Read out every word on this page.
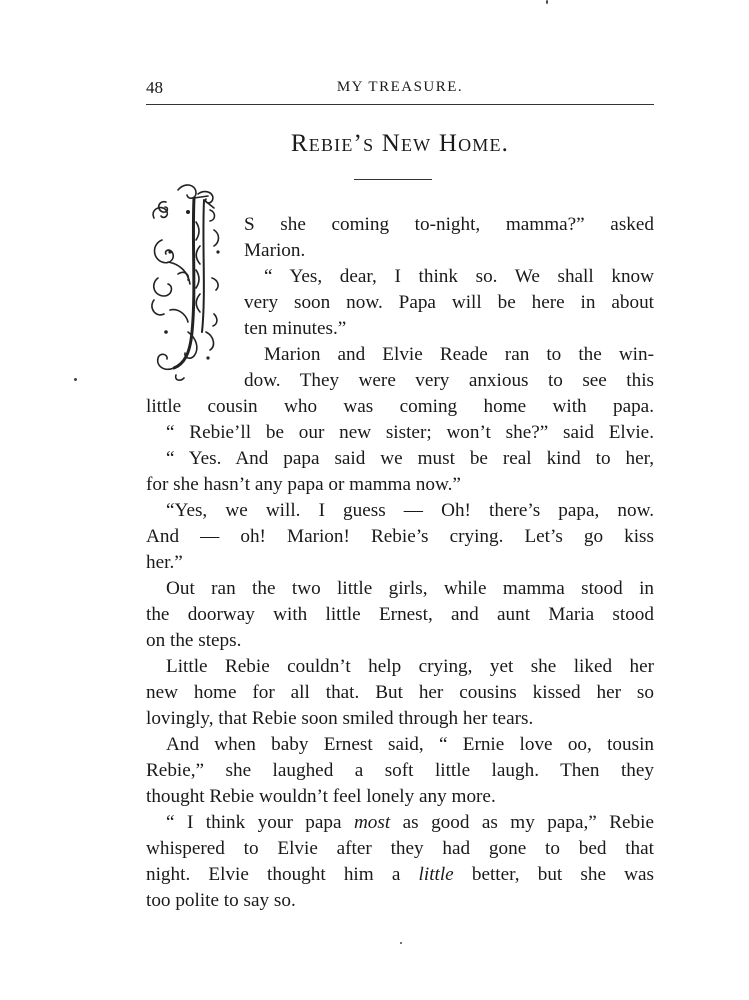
48	MY TREASURE.
Rebie’s New Home.
S she coming to-night, mamma?” asked
Marion.
“ Yes, dear, I think so. We shall know
very soon now. Papa will be here in about
ten minutes.”
Marion and Elvie Reade ran to the win-
dow. They were very anxious to see this
little cousin who was coming home with papa.
“ Rebie’ll be our new sister; won’t she?” said Elvie.
“ Yes. And papa said we must be real kind to her,
for she hasn’t any papa or mamma now.”
“Yes, we will. I guess — Oh! there’s papa, now.
And — oh! Marion! Rebie’s crying. Let’s go kiss
her.”
Out ran the two little girls, while mamma stood in
the doorway with little Ernest, and aunt Maria stood
on the steps.
Little Rebie couldn’t help crying, yet she liked her
new home for all that. But her cousins kissed her so
lovingly, that Rebie soon smiled through her tears.
And when baby Ernest said, “ Ernie love oo, tousin
Rebie,” she laughed a soft little laugh. Then they
thought Rebie wouldn’t feel lonely any more.
“ I think your papa most as good as my papa,” Rebie
whispered to Elvie after they had gone to bed that
night. Elvie thought him a little better, but she was
too polite to say so.
